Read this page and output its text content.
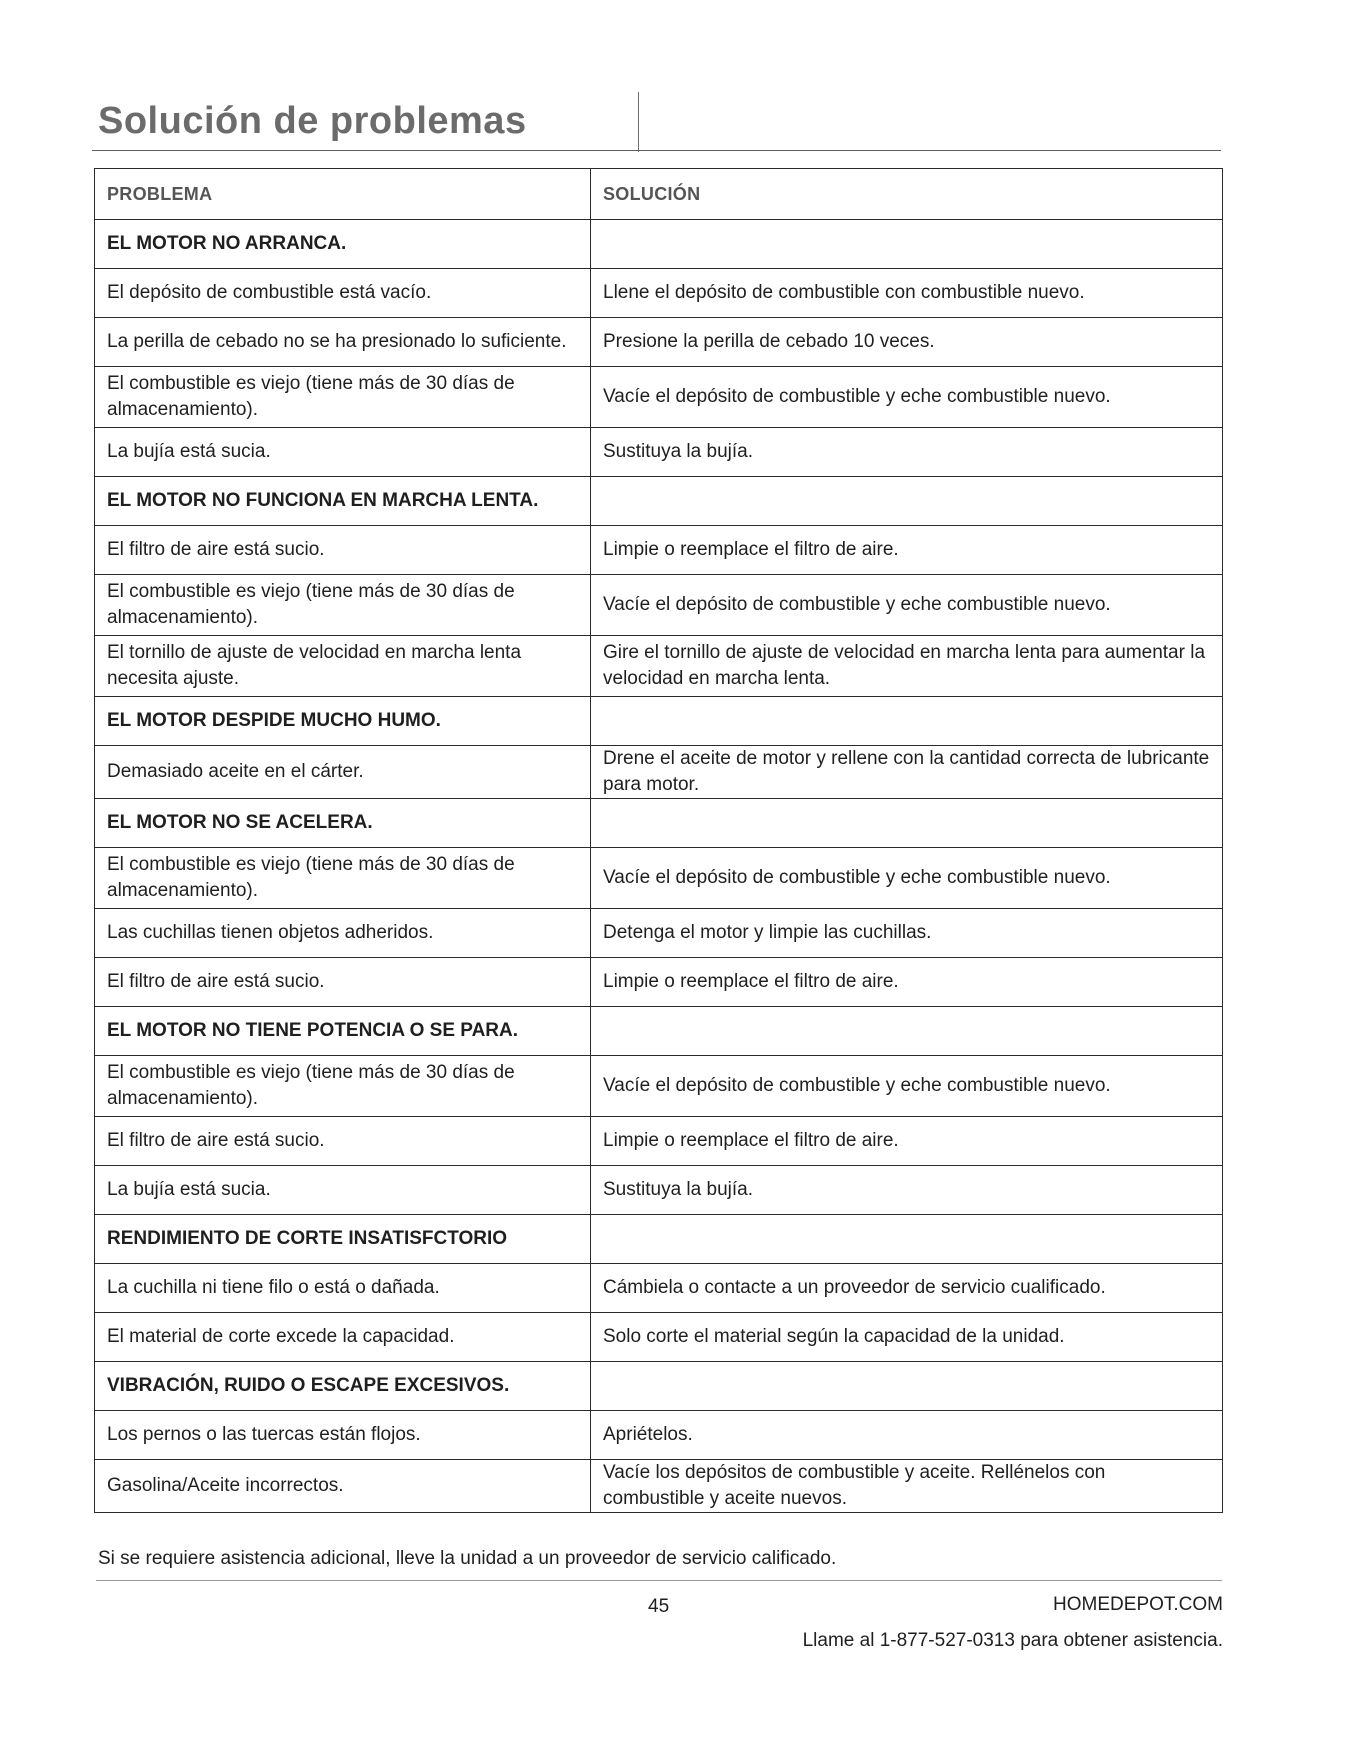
Solución de problemas
PROBLEMA	SOLUCIÓN
EL MOTOR NO ARRANCA.	
El depósito de combustible está vacío.	Llene el depósito de combustible con combustible nuevo.
La perilla de cebado no se ha presionado lo suficiente.	Presione la perilla de cebado 10 veces.
El combustible es viejo (tiene más de 30 días de almacenamiento).	Vacíe el depósito de combustible y eche combustible nuevo.
La bujía está sucia.	Sustituya la bujía.
EL MOTOR NO FUNCIONA EN MARCHA LENTA.	
El filtro de aire está sucio.	Limpie o reemplace el filtro de aire.
El combustible es viejo (tiene más de 30 días de almacenamiento).	Vacíe el depósito de combustible y eche combustible nuevo.
El tornillo de ajuste de velocidad en marcha lenta necesita ajuste.	Gire el tornillo de ajuste de velocidad en marcha lenta para aumentar la velocidad en marcha lenta.
EL MOTOR DESPIDE MUCHO HUMO.	
Demasiado aceite en el cárter.	Drene el aceite de motor y rellene con la cantidad correcta de lubricante para motor.
EL MOTOR NO SE ACELERA.	
El combustible es viejo (tiene más de 30 días de almacenamiento).	Vacíe el depósito de combustible y eche combustible nuevo.
Las cuchillas tienen objetos adheridos.	Detenga el motor y limpie las cuchillas.
El filtro de aire está sucio.	Limpie o reemplace el filtro de aire.
EL MOTOR NO TIENE POTENCIA O SE PARA.	
El combustible es viejo (tiene más de 30 días de almacenamiento).	Vacíe el depósito de combustible y eche combustible nuevo.
El filtro de aire está sucio.	Limpie o reemplace el filtro de aire.
La bujía está sucia.	Sustituya la bujía.
RENDIMIENTO DE CORTE INSATISFCTORIO	
La cuchilla ni tiene filo o está o dañada.	Cámbiela o contacte a un proveedor de servicio cualificado.
El material de corte excede la capacidad.	Solo corte el material según la capacidad de la unidad.
VIBRACIÓN, RUIDO O ESCAPE EXCESIVOS.	
Los pernos o las tuercas están flojos.	Apriételos.
Gasolina/Aceite incorrectos.	Vacíe los depósitos de combustible y aceite. Rellénelos con combustible y aceite nuevos.
Si se requiere asistencia adicional, lleve la unidad a un proveedor de servicio calificado.
45	HOMEDEPOT.COM
Llame al 1-877-527-0313 para obtener asistencia.
